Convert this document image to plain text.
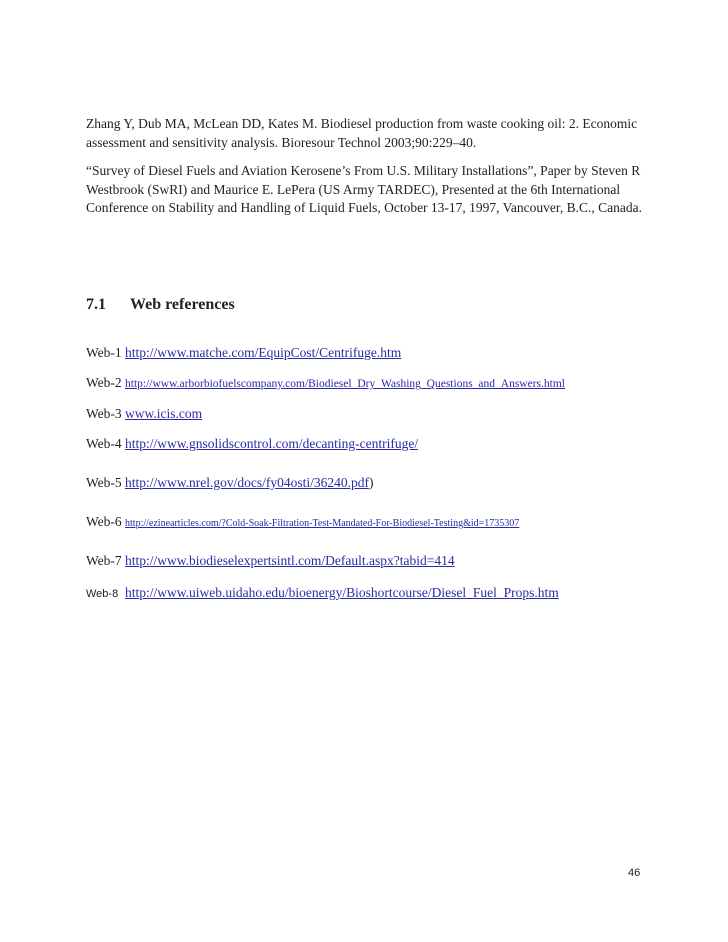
Zhang Y, Dub MA, McLean DD, Kates M. Biodiesel production from waste cooking oil: 2. Economic assessment and sensitivity analysis. Bioresour Technol 2003;90:229–40.
“Survey of Diesel Fuels and Aviation Kerosene’s From U.S. Military Installations”, Paper by Steven R Westbrook (SwRI) and Maurice E. LePera (US Army TARDEC), Presented at the 6th International Conference on Stability and Handling of Liquid Fuels, October 13-17, 1997, Vancouver, B.C., Canada.
7.1	Web references
Web-1 http://www.matche.com/EquipCost/Centrifuge.htm
Web-2 http://www.arborbiofuelscompany.com/Biodiesel_Dry_Washing_Questions_and_Answers.html
Web-3 www.icis.com
Web-4 http://www.gnsolidscontrol.com/decanting-centrifuge/
Web-5 http://www.nrel.gov/docs/fy04osti/36240.pdf)
Web-6 http://ezinearticles.com/?Cold-Soak-Filtration-Test-Mandated-For-Biodiesel-Testing&id=1735307
Web-7 http://www.biodieselexpertsintl.com/Default.aspx?tabid=414
Web-8 http://www.uiweb.uidaho.edu/bioenergy/Bioshortcourse/Diesel_Fuel_Props.htm
46
